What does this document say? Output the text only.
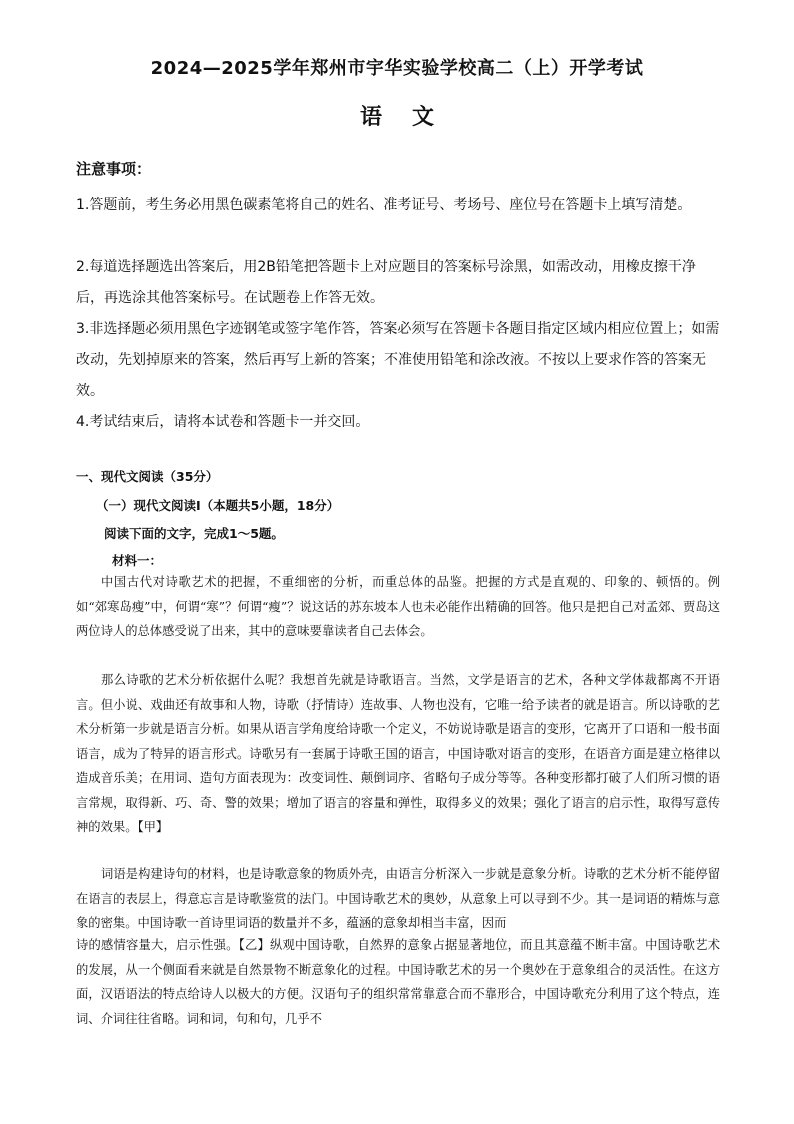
2024—2025学年郑州市宇华实验学校高二（上）开学考试
语文
注意事项：
1.答题前，考生务必用黑色碳素笔将自己的姓名、准考证号、考场号、座位号在答题卡上填写清楚。
2.每道选择题选出答案后，用2B铅笔把答题卡上对应题目的答案标号涂黑，如需改动，用橡皮擦干净后，再选涂其他答案标号。在试题卷上作答无效。
3.非选择题必须用黑色字迹钢笔或签字笔作答，答案必须写在答题卡各题目指定区域内相应位置上；如需改动，先划掉原来的答案，然后再写上新的答案；不准使用铅笔和涂改液。不按以上要求作答的答案无效。
4.考试结束后，请将本试卷和答题卡一并交回。
一、现代文阅读（35分）
（一）现代文阅读Ⅰ（本题共5小题，18分）
阅读下面的文字，完成1～5题。
材料一：
中国古代对诗歌艺术的把握，不重细密的分析，而重总体的品鉴。把握的方式是直观的、印象的、顿悟的。例如“郊寒岛瘦”中，何谓“寒”？何谓“瘦”？说这话的苏东坡本人也未必能作出精确的回答。他只是把自己对孟郊、贾岛这两位诗人的总体感受说了出来，其中的意味要靠读者自己去体会。
那么诗歌的艺术分析依据什么呢？我想首先就是诗歌语言。当然，文学是语言的艺术，各种文学体裁都离不开语言。但小说、戏曲还有故事和人物，诗歌（抒情诗）连故事、人物也没有，它唯一给予读者的就是语言。所以诗歌的艺术分析第一步就是语言分析。如果从语言学角度给诗歌一个定义，不妨说诗歌是语言的变形，它离开了口语和一般书面语言，成为了特异的语言形式。诗歌另有一套属于诗歌王国的语言，中国诗歌对语言的变形，在语音方面是建立格律以造成音乐美；在用词、造句方面表现为：改变词性、颠倒词序、省略句子成分等等。各种变形都打破了人们所习惯的语言常规，取得新、巧、奇、警的效果；增加了语言的容量和弹性，取得多义的效果；强化了语言的启示性，取得写意传神的效果。【甲】
词语是构建诗句的材料，也是诗歌意象的物质外壳，由语言分析深入一步就是意象分析。诗歌的艺术分析不能停留在语言的表层上，得意忘言是诗歌鉴赏的法门。中国诗歌艺术的奥妙，从意象上可以寻到不少。其一是词语的精炼与意象的密集。中国诗歌一首诗里词语的数量并不多，蕴涵的意象却相当丰富，因而
诗的感情容量大，启示性强。【乙】纵观中国诗歌，自然界的意象占据显著地位，而且其意蕴不断丰富。中国诗歌艺术的发展，从一个侧面看来就是自然景物不断意象化的过程。中国诗歌艺术的另一个奥妙在于意象组合的灵活性。在这方面，汉语语法的特点给诗人以极大的方便。汉语句子的组织常常靠意合而不靠形合，中国诗歌充分利用了这个特点，连词、介词往往省略。词和词，句和句，几乎不
